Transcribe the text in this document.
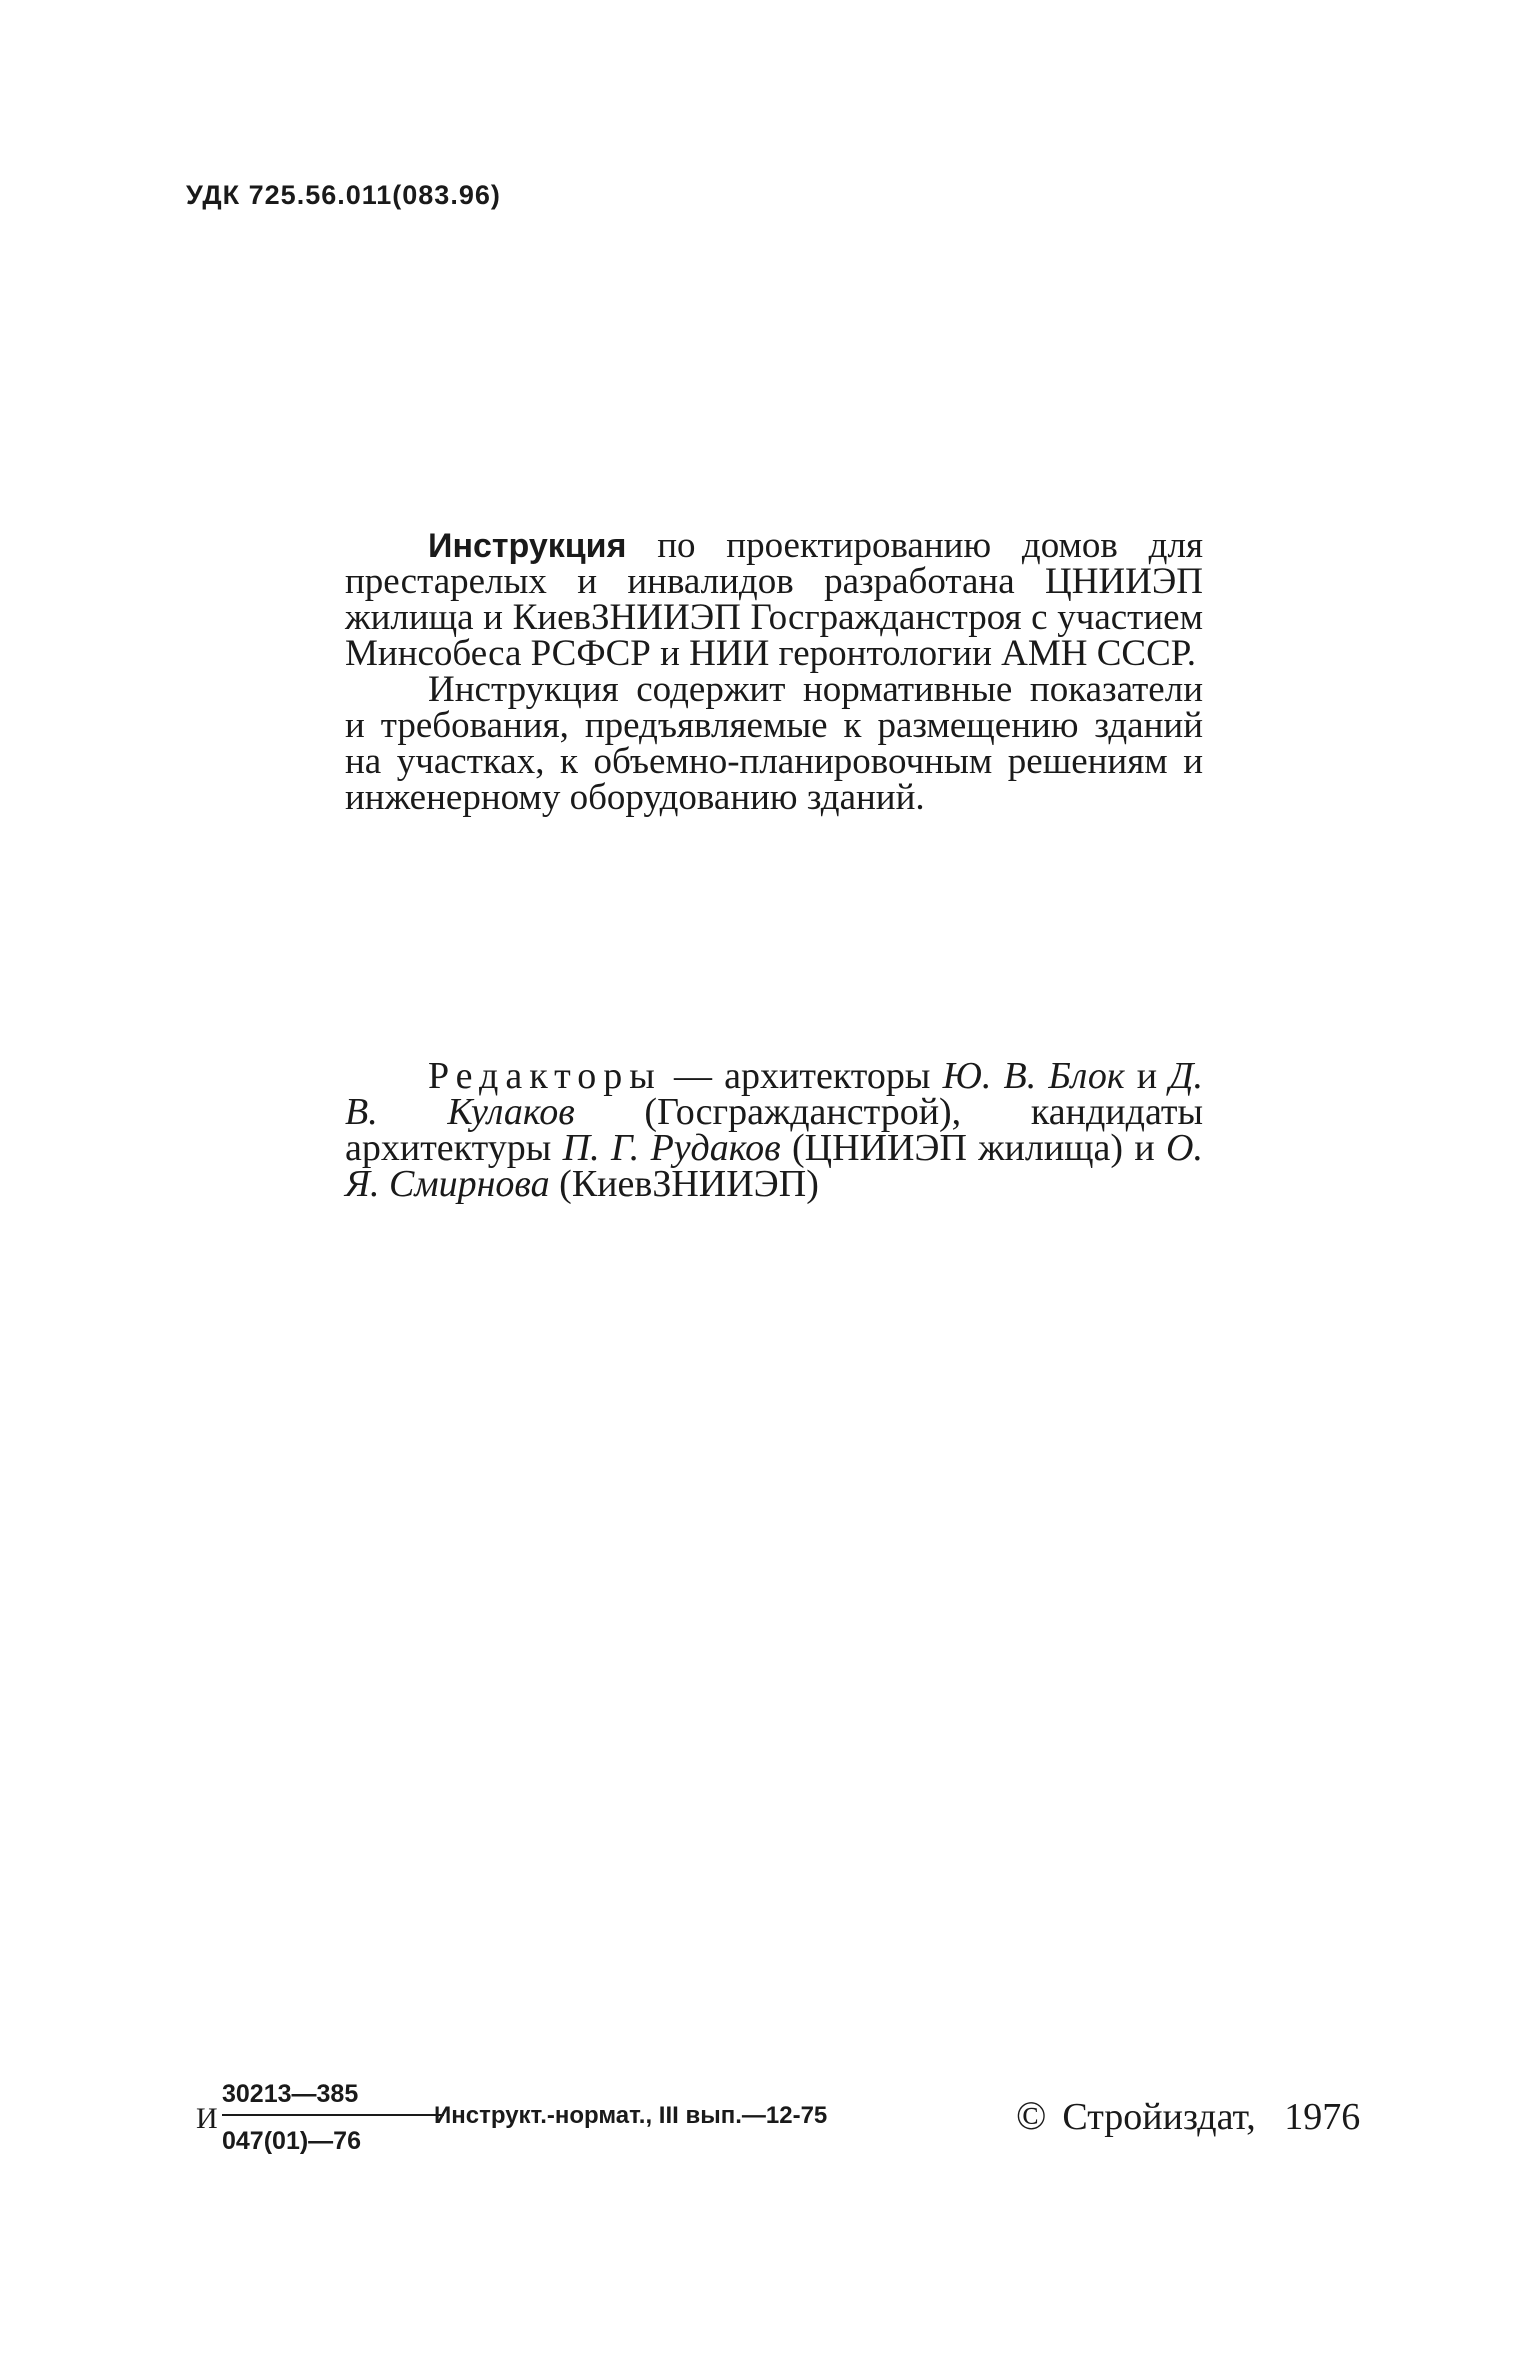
УДК 725.56.011(083.96)

Инструкция по проектированию домов для престарелых и инвалидов разработана ЦНИИЭП жилища и КиевЗНИИЭП Госгражданстроя с участием Минсобеса РСФСР и НИИ геронтологии АМН СССР.

Инструкция содержит нормативные показатели и требования, предъявляемые к размещению зданий на участках, к объемно-планировочным решениям и инженерному оборудованию зданий.

Редакторы — архитекторы Ю. В. Блок и Д. В. Кулаков (Госгражданстрой), кандидаты архитектуры П. Г. Рудаков (ЦНИИЭП жилища) и О. Я. Смирнова (КиевЗНИИЭП)

И
30213—385
047(01)—76
Инструкт.-нормат., III вып.—12-75	© Стройиздат, 1976
